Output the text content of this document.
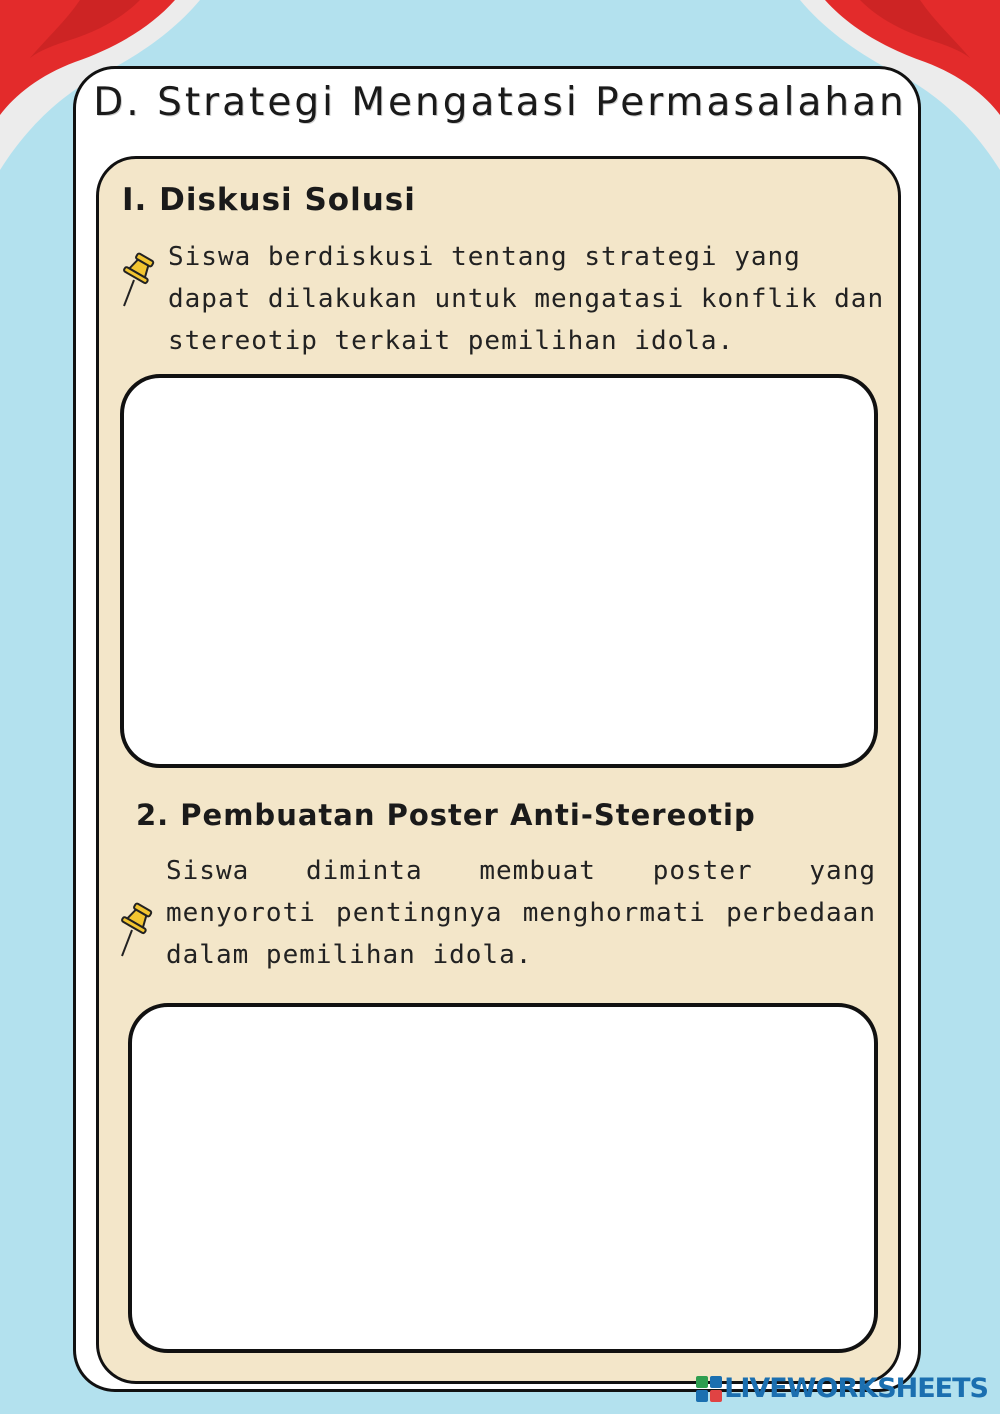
D. Strategi Mengatasi Permasalahan
I. Diskusi Solusi

Siswa berdiskusi tentang strategi yang dapat dilakukan untuk mengatasi konflik dan stereotip terkait pemilihan idola.

2. Pembuatan Poster Anti-Stereotip

Siswa diminta membuat poster yang menyoroti pentingnya menghormati perbedaan dalam pemilihan idola.

LIVEWORKSHEETS
